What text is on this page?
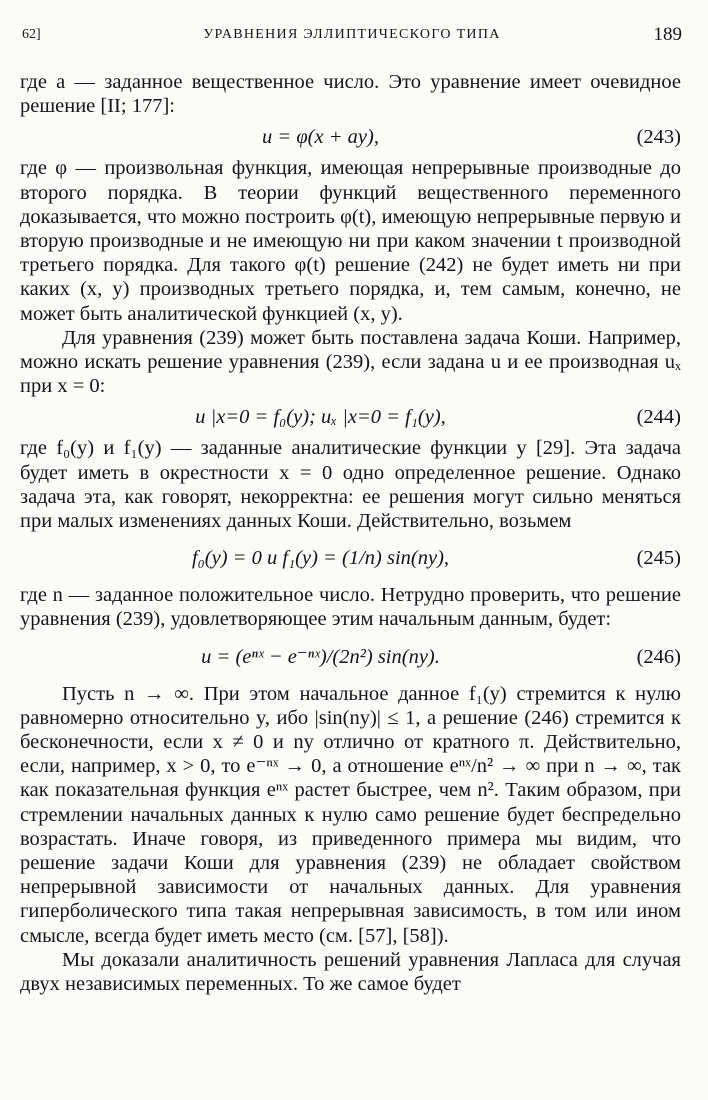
62]	УРАВНЕНИЯ ЭЛЛИПТИЧЕСКОГО ТИПА	189

где a — заданное вещественное число. Это уравнение имеет очевидное решение [II; 177]:

u = φ(x + ay),	(243)

где φ — произвольная функция, имеющая непрерывные производные до второго порядка. В теории функций вещественного переменного доказывается, что можно построить φ(t), имеющую непрерывные первую и вторую производные и не имеющую ни при каком значении t производной третьего порядка. Для такого φ(t) решение (242) не будет иметь ни при каких (x, y) производных третьего порядка, и, тем самым, конечно, не может быть аналитической функцией (x, y).

Для уравнения (239) может быть поставлена задача Коши. Например, можно искать решение уравнения (239), если задана u и ее производная uₓ при x = 0:

u |x=0 = f₀(y); uₓ |x=0 = f₁(y),	(244)

где f₀(y) и f₁(y) — заданные аналитические функции y [29]. Эта задача будет иметь в окрестности x = 0 одно определенное решение. Однако задача эта, как говорят, некорректна: ее решения могут сильно меняться при малых изменениях данных Коши. Действительно, возьмем

f₀(y) = 0 и f₁(y) = (1/n) sin(ny),	(245)

где n — заданное положительное число. Нетрудно проверить, что решение уравнения (239), удовлетворяющее этим начальным данным, будет:

u = (eⁿˣ − e⁻ⁿˣ)/(2n²) sin(ny).	(246)

Пусть n → ∞. При этом начальное данное f₁(y) стремится к нулю равномерно относительно y, ибо |sin(ny)| ≤ 1, а решение (246) стремится к бесконечности, если x ≠ 0 и ny отлично от кратного π. Действительно, если, например, x > 0, то e⁻ⁿˣ → 0, а отношение eⁿˣ/n² → ∞ при n → ∞, так как показательная функция eⁿˣ растет быстрее, чем n². Таким образом, при стремлении начальных данных к нулю само решение будет беспредельно возрастать. Иначе говоря, из приведенного примера мы видим, что решение задачи Коши для уравнения (239) не обладает свойством непрерывной зависимости от начальных данных. Для уравнения гиперболического типа такая непрерывная зависимость, в том или ином смысле, всегда будет иметь место (см. [57], [58]).

Мы доказали аналитичность решений уравнения Лапласа для случая двух независимых переменных. То же самое будет
